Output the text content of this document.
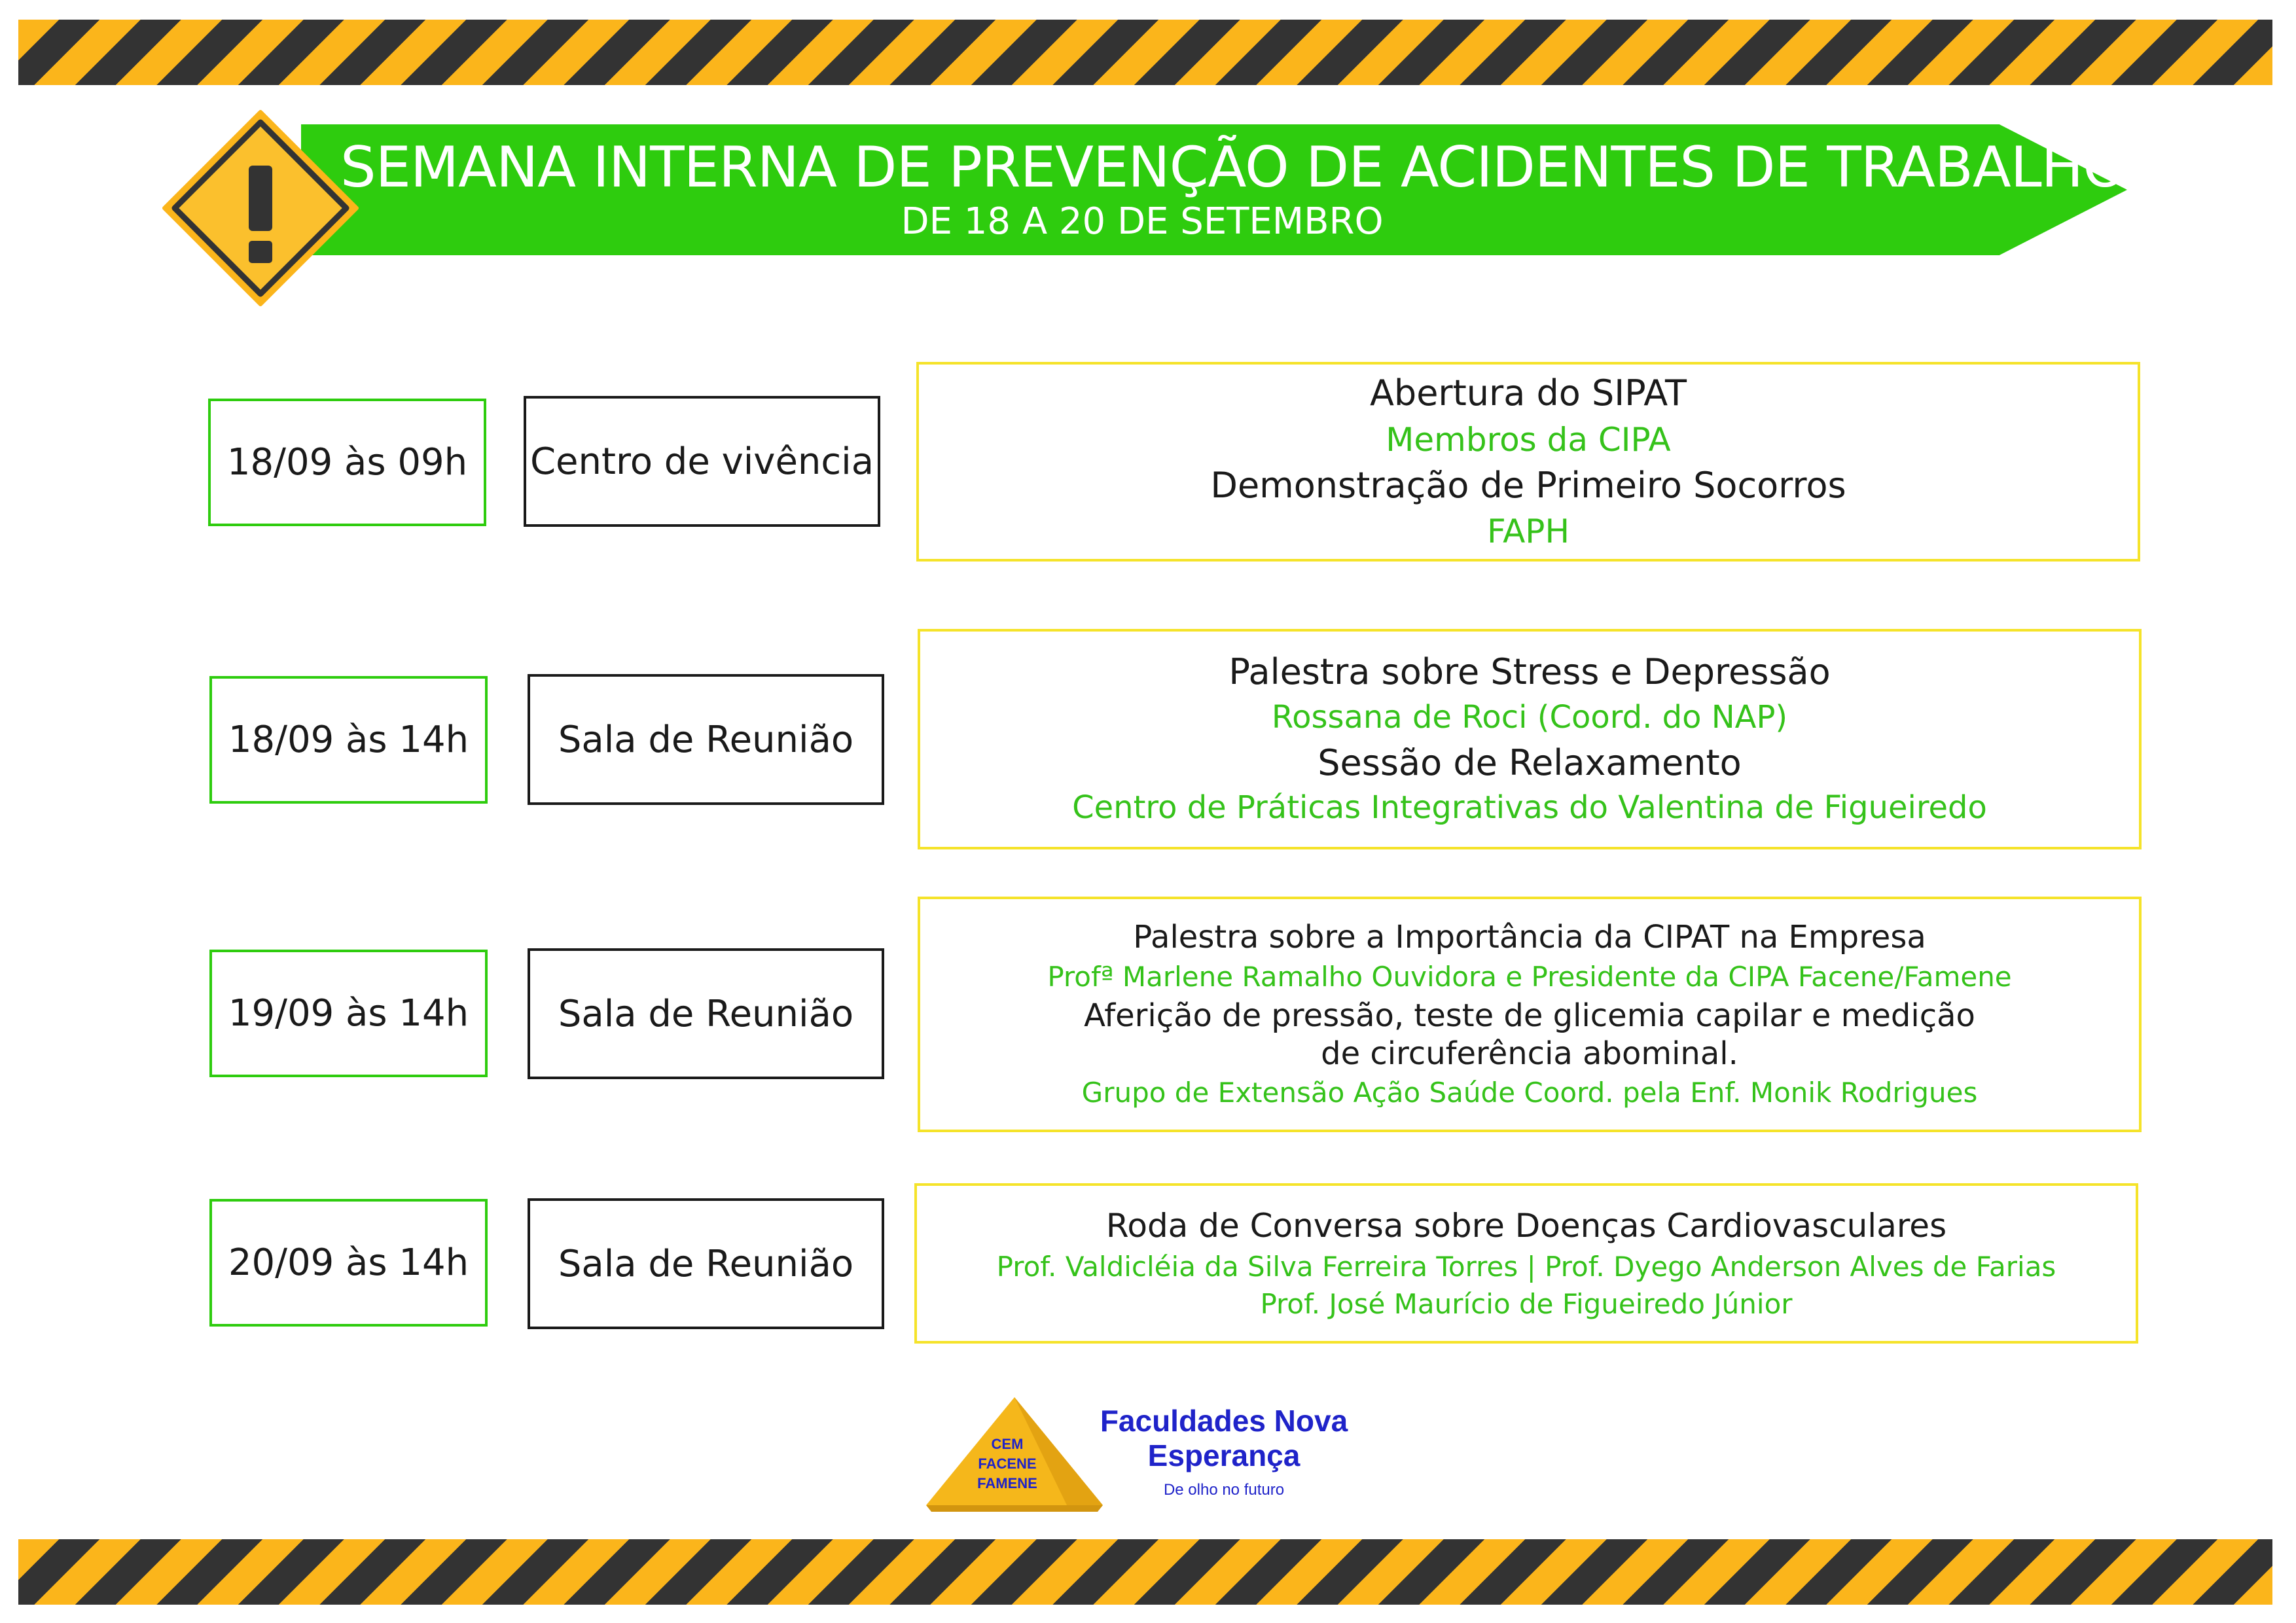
SEMANA INTERNA DE PREVENÇÃO DE ACIDENTES DE TRABALHO
DE 18 A 20 DE SETEMBRO
18/09 às 09h	Centro de vivência
Abertura do SIPAT
Membros da CIPA
Demonstração de Primeiro Socorros
FAPH
18/09 às 14h	Sala de Reunião
Palestra sobre Stress e Depressão
Rossana de Roci (Coord. do NAP)
Sessão de Relaxamento
Centro de Práticas Integrativas do Valentina de Figueiredo
19/09 às 14h	Sala de Reunião
Palestra sobre a Importância da CIPAT na Empresa
Profª Marlene Ramalho Ouvidora e Presidente da CIPA Facene/Famene
Aferição de pressão, teste de glicemia capilar e medição
de circuferência abominal.
Grupo de Extensão Ação Saúde Coord. pela Enf. Monik Rodrigues
20/09 às 14h	Sala de Reunião
Roda de Conversa sobre Doenças Cardiovasculares
Prof. Valdicléia da Silva Ferreira Torres | Prof. Dyego Anderson Alves de Farias
Prof. José Maurício de Figueiredo Júnior
CEM
FACENE
FAMENE
Faculdades Nova
Esperança
De olho no futuro
